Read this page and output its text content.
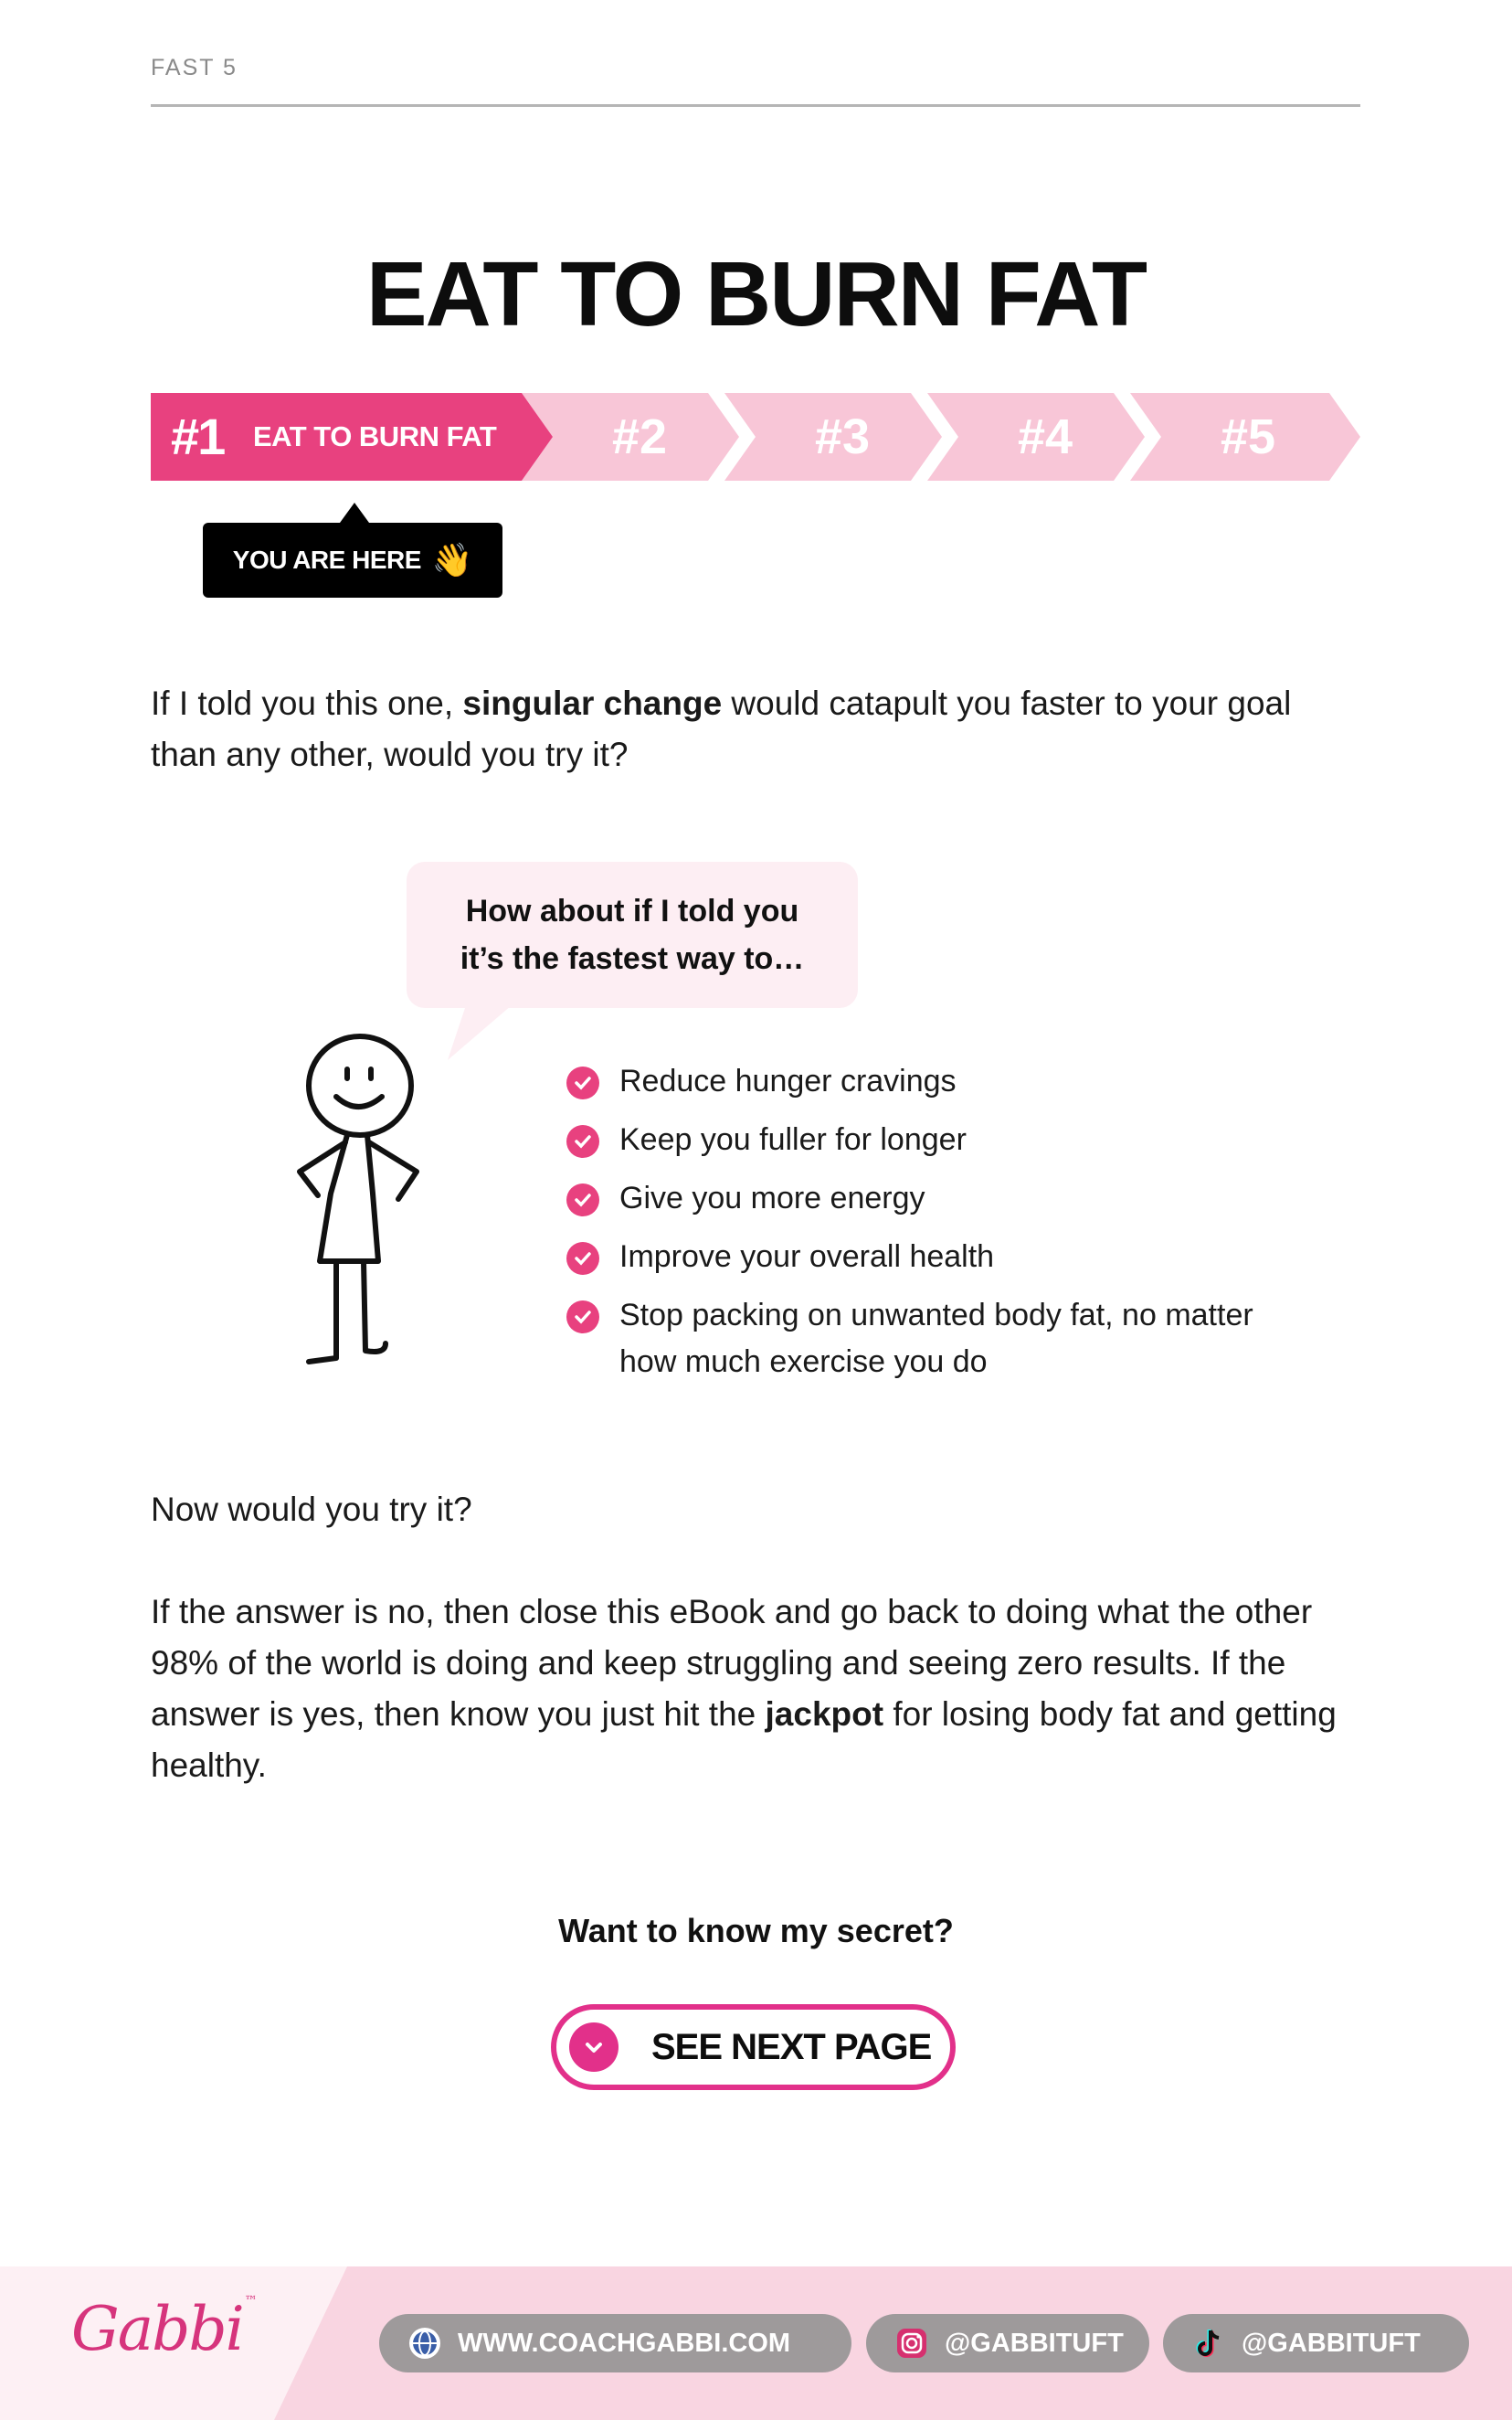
FAST 5
EAT TO BURN FAT
#1 EAT TO BURN FAT	#2	#3	#4	#5
YOU ARE HERE 👋

If I told you this one, singular change would catapult you faster to your goal than any other, would you try it?

How about if I told you
it’s the fastest way to…
Reduce hunger cravings
Keep you fuller for longer
Give you more energy
Improve your overall health
Stop packing on unwanted body fat, no matter how much exercise you do

Now would you try it?

If the answer is no, then close this eBook and go back to doing what the other 98% of the world is doing and keep struggling and seeing zero results. If the answer is yes, then know you just hit the jackpot for losing body fat and getting healthy.

Want to know my secret?
SEE NEXT PAGE
Gabbi ™
WWW.COACHGABBI.COM	@GABBITUFT	@GABBITUFT
